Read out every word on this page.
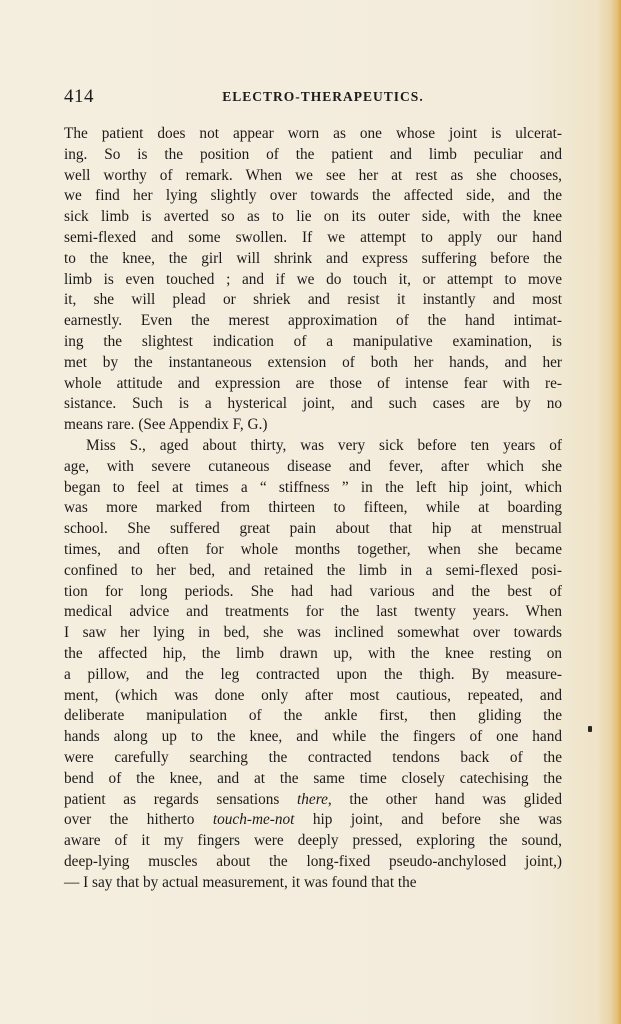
414	ELECTRO-THERAPEUTICS.
The patient does not appear worn as one whose joint is ulcerat-
ing. So is the position of the patient and limb peculiar and
well worthy of remark. When we see her at rest as she chooses,
we find her lying slightly over towards the affected side, and the
sick limb is averted so as to lie on its outer side, with the knee
semi-flexed and some swollen. If we attempt to apply our hand
to the knee, the girl will shrink and express suffering before the
limb is even touched ; and if we do touch it, or attempt to move
it, she will plead or shriek and resist it instantly and most
earnestly. Even the merest approximation of the hand intimat-
ing the slightest indication of a manipulative examination, is
met by the instantaneous extension of both her hands, and her
whole attitude and expression are those of intense fear with re-
sistance. Such is a hysterical joint, and such cases are by no
means rare. (See Appendix F, G.)
Miss S., aged about thirty, was very sick before ten years of
age, with severe cutaneous disease and fever, after which she
began to feel at times a “ stiffness ” in the left hip joint, which
was more marked from thirteen to fifteen, while at boarding
school. She suffered great pain about that hip at menstrual
times, and often for whole months together, when she became
confined to her bed, and retained the limb in a semi-flexed posi-
tion for long periods. She had had various and the best of
medical advice and treatments for the last twenty years. When
I saw her lying in bed, she was inclined somewhat over towards
the affected hip, the limb drawn up, with the knee resting on
a pillow, and the leg contracted upon the thigh. By measure-
ment, (which was done only after most cautious, repeated, and
deliberate manipulation of the ankle first, then gliding the
hands along up to the knee, and while the fingers of one hand
were carefully searching the contracted tendons back of the
bend of the knee, and at the same time closely catechising the
patient as regards sensations there, the other hand was glided
over the hitherto touch-me-not hip joint, and before she was
aware of it my fingers were deeply pressed, exploring the sound,
deep-lying muscles about the long-fixed pseudo-anchylosed joint,)
— I say that by actual measurement, it was found that the
